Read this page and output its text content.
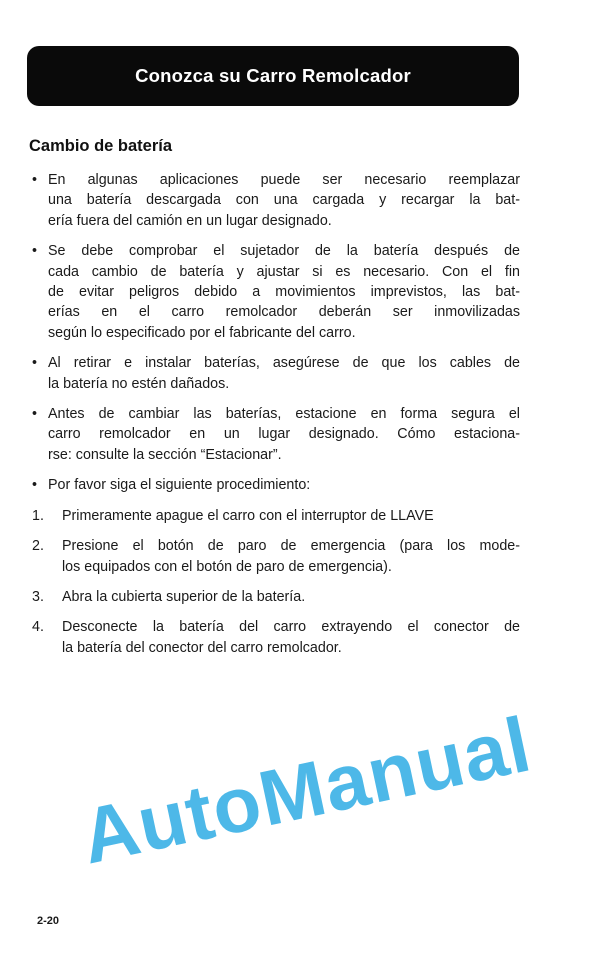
Conozca su Carro Remolcador
Cambio de batería
• En algunas aplicaciones puede ser necesario reemplazar
una batería descargada con una cargada y recargar la bat-
ería fuera del camión en un lugar designado.
• Se debe comprobar el sujetador de la batería después de
cada cambio de batería y ajustar si es necesario. Con el fin
de evitar peligros debido a movimientos imprevistos, las bat-
erías en el carro remolcador deberán ser inmovilizadas
según lo especificado por el fabricante del carro.
• Al retirar e instalar baterías, asegúrese de que los cables de
la batería no estén dañados.
• Antes de cambiar las baterías, estacione en forma segura el
carro remolcador en un lugar designado. Cómo estaciona-
rse: consulte la sección “Estacionar”.
• Por favor siga el siguiente procedimiento:
1. Primeramente apague el carro con el interruptor de LLAVE
2. Presione el botón de paro de emergencia (para los mode-
los equipados con el botón de paro de emergencia).
3. Abra la cubierta superior de la batería.
4. Desconecte la batería del carro extrayendo el conector de
la batería del conector del carro remolcador.
AutoManual
2-20
